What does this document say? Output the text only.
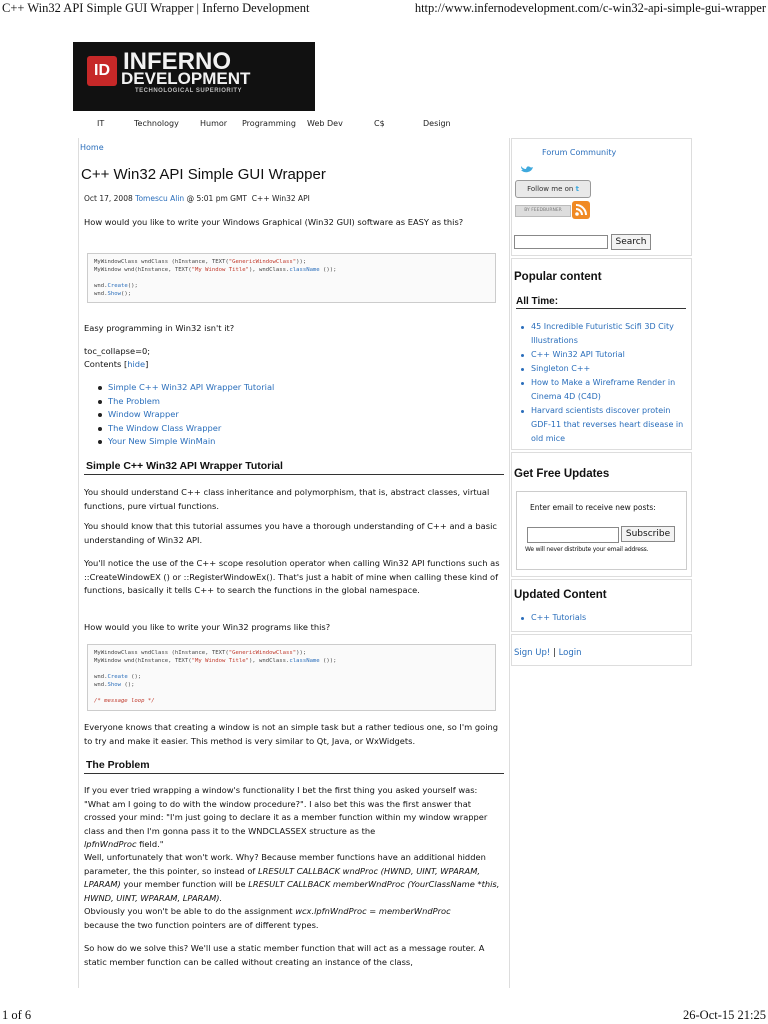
C++ Win32 API Simple GUI Wrapper | Inferno Development	http://www.infernodevelopment.com/c-win32-api-simple-gui-wrapper
ID INFERNO
DEVELOPMENT
TECHNOLOGICAL SUPERIORITY
IT	Technology	Humor Programming Web Dev	C$	Design
Home
C++ Win32 API Simple GUI Wrapper
Oct 17, 2008 Tomescu Alin @ 5:01 pm GMT C++ Win32 API
How would you like to write your Windows Graphical (Win32 GUI) software as EASY as this?
MyWindowClass wndClass (hInstance, TEXT("GenericWindowClass"));
MyWindow wnd(hInstance, TEXT("My Window Title"), wndClass.className ());
wnd.Create();
wnd.Show();
Easy programming in Win32 isn't it?
toc_collapse=0;
Contents [hide]
Simple C++ Win32 API Wrapper Tutorial
The Problem
Window Wrapper
The Window Class Wrapper
Your New Simple WinMain
Simple C++ Win32 API Wrapper Tutorial
You should understand C++ class inheritance and polymorphism, that is, abstract classes, virtual functions, pure virtual functions.
You should know that this tutorial assumes you have a thorough understanding of C++ and a basic understanding of Win32 API.
You'll notice the use of the C++ scope resolution operator when calling Win32 API functions such as ::CreateWindowEX () or ::RegisterWindowEx(). That's just a habit of mine when calling these kind of functions, basically it tells C++ to search the functions in the global namespace.
How would you like to write your Win32 programs like this?
MyWindowClass wndClass (hInstance, TEXT("GenericWindowClass"));
MyWindow wnd(hInstance, TEXT("My Window Title"), wndClass.className ());
wnd.Create ();
wnd.Show ();
/* message loop */
Everyone knows that creating a window is not an simple task but a rather tedious one, so I'm going to try and make it easier. This method is very similar to Qt, Java, or WxWidgets.
The Problem
If you ever tried wrapping a window's functionality I bet the first thing you asked yourself was: "What am I going to do with the window procedure?". I also bet this was the first answer that crossed your mind: "I'm just going to declare it as a member function within my window wrapper class and then I'm gonna pass it to the WNDCLASSEX structure as the
lpfnWndProc field."
Well, unfortunately that won't work. Why? Because member functions have an additional hidden parameter, the this pointer, so instead of LRESULT CALLBACK wndProc (HWND, UINT, WPARAM, LPARAM) your member function will be LRESULT CALLBACK memberWndProc (YourClassName *this, HWND, UINT, WPARAM, LPARAM).
Obviously you won't be able to do the assignment wcx.lpfnWndProc = memberWndProc
because the two function pointers are of different types.
So how do we solve this? We'll use a static member function that will act as a message router. A static member function can be called without creating an instance of the class,
Forum Community
Follow me on t
BY FEEDBURNER
Search
Popular content
All Time:
45 Incredible Futuristic Scifi 3D City Illustrations
C++ Win32 API Tutorial
Singleton C++
How to Make a Wireframe Render in Cinema 4D (C4D)
Harvard scientists discover protein GDF-11 that reverses heart disease in old mice
Get Free Updates
Enter email to receive new posts:
Subscribe
We will never distribute your email address.
Updated Content
C++ Tutorials
Sign Up! | Login
1 of 6	26-Oct-15 21:25
